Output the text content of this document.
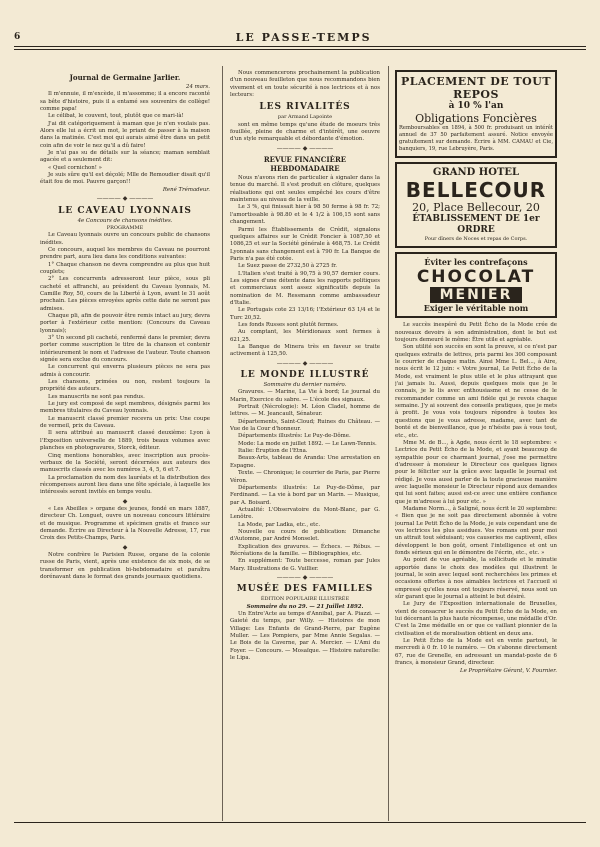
6	LE PASSE-TEMPS
Journal de Germaine Jarlier.
24 mars.

Il m'ennuie, il m'excède, il m'assomme; il a encore raconté sa bête d'histoire, puis il a entamé ses souvenirs de collège! comme papa!

Le célibat, le couvent, tout, plutôt que ce mari-là!

J'ai dit catégoriquement à maman que je n'en voulais pas. Alors elle lui a écrit un mot, le priant de passer à la maison dans la matinée. C'est moi qui aurais aimé être dans un petit coin afin de voir le nez qu'il a dû faire!

Je n'ai pas su de détails sur la séance; maman semblait agacée et a seulement dit:

« Quel cornichon! »

Je suis sûre qu'il est déçolé; Mlle de Remoudier disait qu'il était fou de moi. Pauvre garçon!!

René Trémadeur.
———— ◆ ————
LE CAVEAU LYONNAIS
4e Concours de chansons inédites.
PROGRAMME

Le Caveau lyonnais ouvre un concours public de chansons inédites.

Ce concours, auquel les membres du Caveau ne pourront prendre part, aura lieu dans les conditions suivantes:

1° Chaque chanson ne devra comprendre au plus que huit couplets;

2° Les concurrents adresseront leur pièce, sous pli cacheté et affranchi, au président du Caveau lyonnais, M. Camille Roy, 50, cours de la Liberté à Lyon, avant le 31 août prochain. Les pièces envoyées après cette date ne seront pas admises.

Chaque pli, afin de pouvoir être remis intact au jury, devra porter à l'extérieur cette mention: (Concours du Caveau lyonnais);

3° Un second pli cacheté, renfermé dans le premier, devra porter comme suscription le titre de la chanson et contenir intérieurement le nom et l'adresse de l'auteur. Toute chanson signée sera exclue du concours.

Le concurrent qui enverra plusieurs pièces ne sera pas admis à concourir.

Les chansons, primées ou non, restent toujours la propriété des auteurs.

Les manuscrits ne sont pas rendus.

Le jury est composé de sept membres, désignés parmi les membres titulaires du Caveau lyonnais.

Le manuscrit classé premier recevra un prix: Une coupe de vermeil, prix du Caveau.

Il sera attribué au manuscrit classé deuxième: Lyon à l'Exposition universelle de 1889, trois beaux volumes avec planches en photogravures, Storck, éditeur.

Cinq mentions honorables, avec inscription aux procès-verbaux de la Société, seront décernées aux auteurs des manuscrits classés avec les numéros 3, 4, 5, 6 et 7.

La proclamation du nom des lauréats et la distribution des récompenses auront lieu dans une fête spéciale, à laquelle les intéressés seront invités en temps voulu.

◆

« Les Abeilles » organe des jeunes, fondé en mars 1887, directeur Ch. Longuet, ouvre un nouveau concours littéraire et de musique. Programme et spécimen gratis et franco sur demande. Écrire au Directeur à la Nouvelle Adresse, 17, rue Croix des Petits-Champs, Paris.

◆

Notre confrère le Parisien Russe, organe de la colonie russe de Paris, vient, après une existence de six mois, de se transformer en publication bi-hebdomadaire et paraîtra dorénavant dans le format des grands journaux quotidiens.

Nous commencerons prochainement la publication d'un nouveau feuilleton que nous recommandons bien vivement et en toute sécurité à nos lectrices et à nos lecteurs:

LES RIVALITÉS
par Armand Lapointe

sont en même temps qu'une étude de moeurs très fouillée, pleine de charme et d'intérêt, une oeuvre d'un style remarquable et débordante d'émotion.

———— ◆ ————
REVUE FINANCIÈRE HEBDOMADAIRE

Nous n'avons rien de particulier à signaler dans la tenue du marché. Il s'est produit en clôture, quelques réalisations qui ont seules empêché les cours d'être maintenus au niveau de la veille.

Le 3 %, qui finissait hier à 98 50 ferme à 98 fr. 72; l'amortissable à 98.80 et le 4 1/2 à 106,15 sont sans changement.

Parmi les Établissements de Crédit, signalons quelques affaires sur le Crédit Foncier à 1087,50 et 1086,25 et sur la Société générale à 468,75. Le Crédit Lyonnais sans changement est à 790 fr. La Banque de Paris n'a pas été cotée.

Le Suez passe de 2732,50 à 2725 fr.

L'Italien s'est traité à 90,75 à 90,57 dernier cours. Les signes d'une détente dans les rapports politiques et commerciaux sont assez significatifs depuis la nomination de M. Ressmann comme ambassadeur d'Italie.

Le Portugais cote 23 13/16; l'Extérieur 63 1/4 et le Turc 20,52.

Les fonds Russes sont plutôt fermes.

Au comptant, les Méridionaux sont fermes à 621,25.

La Banque de Minera très en faveur se traite activement à 125,50.

———— ◆ ————
LE MONDE ILLUSTRÉ
Sommaire du dernier numéro.

Gravures. — Marine, La Vie à bord; Le journal du Marin, Exercice du sabre. — L'école des signaux.

Portrait (Nécrologie): M. Léon Cladel, homme de lettres. — M. Jeancault, Sénateur.

Départements, Saint-Cloud; Ruines du Château. — Vue de la Cour d'honneur.

Départements illustrés: Le Puy-de-Dôme.

Mode: La mode en juillet 1892. — Le Lawn-Tennis.

Italie: Éruption de l'Etna.

Beaux-Arts, tableau de Aranda: Une arrestation en Espagne.

Texte. — Chronique; le courrier de Paris, par Pierre Véron.

Départements illustrés: Le Puy-de-Dôme, par Ferdinand. — La vie à bord par un Marin. — Musique, par A. Boisard.

Actualité: L'Observatoire du Mont-Blanc, par G. Lenôtre.

La Mode, par Ladka, etc., etc.

Nouvelle ou cours de publication: Dimanche d'Automne, par André Monselet.

Explication des gravures. — Échecs. — Rébus. — Récréations de la famille. — Bibliographies, etc.

En supplément: Toute beccesse, roman par Jules Mary. Illustrations de G. Vuillier.

———— ◆ ————
MUSÉE DES FAMILLES
ÉDITION POPULAIRE ILLUSTRÉE
Sommaire du no 29. — 21 Juillet 1892.

Un Entre'Acte au temps d'Annibal, par A. Piazzi. — Gaieté du temps, par Willy. — Histoires de mon Village: Les Enfants de Grand-Pierre, par Eugène Muller. — Les Pompiers, par Mme Annie Segalas. — Le Bois de la Caverne, par A. Mercier. — L'Ami du Foyer. — Concours. — Mosaïque. — Histoire naturelle: le Lipa.

PLACEMENT DE TOUT REPOS
à 10 % l'an
Obligations Foncières
Remboursables en 1894, à 500 fr. produisant un intérêt annuel de 37 50 parfaitement assuré. Notice envoyée gratuitement sur demande. Écrire à MM. CAMAU et Cie, banquiers, 19, rue Lebruyère, Paris.
GRAND HOTEL
BELLECOUR
20, Place Bellecour, 20
ÉTABLISSEMENT DE 1er ORDRE
Pour dîners de Noces et repas de Corps.
Éviter les contrefaçons
CHOCOLAT
MENIER
Exiger le véritable nom

Le succès inespéré du Petit Écho de la Mode crée de nouveaux devoirs à son administration, dont le but est toujours demeuré le même: Être utile et agréable.

Son utilité son succès en sont la preuve, si ce n'est par quelques extraits de lettres, pris parmi les 300 composant le courrier de chaque matin. Ainsi Mme L. Bel..., à Aire, nous écrit le 12 juin: « Votre journal, Le Petit Écho de la Mode, est vraiment le plus utile et le plus attrayant que j'ai jamais lu. Aussi, depuis quelques mois que je le connais, je le lis avec enthousiasme et ne cesse de le recommander comme un ami fidèle qui je revois chaque semaine. J'y ai souvent des conseils pratiques, que je mets à profit. Je vous vois toujours répondre à toutes les questions que je vous adresse, madame, avec tant de bonté et de bienveillance, que je n'hésite pas à vous tout, etc., etc.

Mme M. de B..., à Agde, nous écrit le 18 septembre: « Lectrice du Petit Écho de la Mode, et ayant beaucoup de sympathie pour ce charmant journal, j'ose me permettre d'adresser à monsieur le Directeur ces quelques lignes pour le féliciter sur la grâce avec laquelle le journal est rédigé. Je vous aussi parler de la toute gracieuse manière avec laquelle monsieur le Directeur répond aux demandes qui lui sont faites; aussi est-ce avec une entière confiance que je m'adresse à lui pour etc. »

Madame Norm..., à Saligné, nous écrit le 20 septembre: « Bien que je ne soit pas directement abonnée à votre journal Le Petit Écho de la Mode, je suis cependant une de vos lectrices les plus assidues. Vos romans ont pour moi un attrait tout séduisant; vos causeries me captivent, elles développent le bon goût, ornent l'intelligence et ont un fonds sérieux qui en le démontre de l'écrin, etc., etc. »

Au point de vue agréable, la sollicitude et le minutie apportée dans le choix des modèles qui illustrent le journal, le soin avec lequel sont recherchées les primes et occasions offertes à nos aimables lectrices et l'accueil si empressé qu'elles nous ont toujours réservé, nous sont un sûr garant que le journal a atteint le but désiré.

Le Jury de l'Exposition internationale de Bruxelles, vient de consacrer le succès du Petit Écho de la Mode, en lui décernant la plus haute récompense, une médaille d'Or. C'est la 2me médaille en or que ce vaillant pionnier de la civilisation et de moralisation obtient en deux ans.

Le Petit Écho de la Mode est en vente partout, le mercredi à 0 fr. 10 le numéro. — On s'abonne directement 67, rue de Grenelle, en adressant un mandat-poste de 6 francs, à monsieur Grand, directeur.

Le Propriétaire Gérant, V. Fournier.
